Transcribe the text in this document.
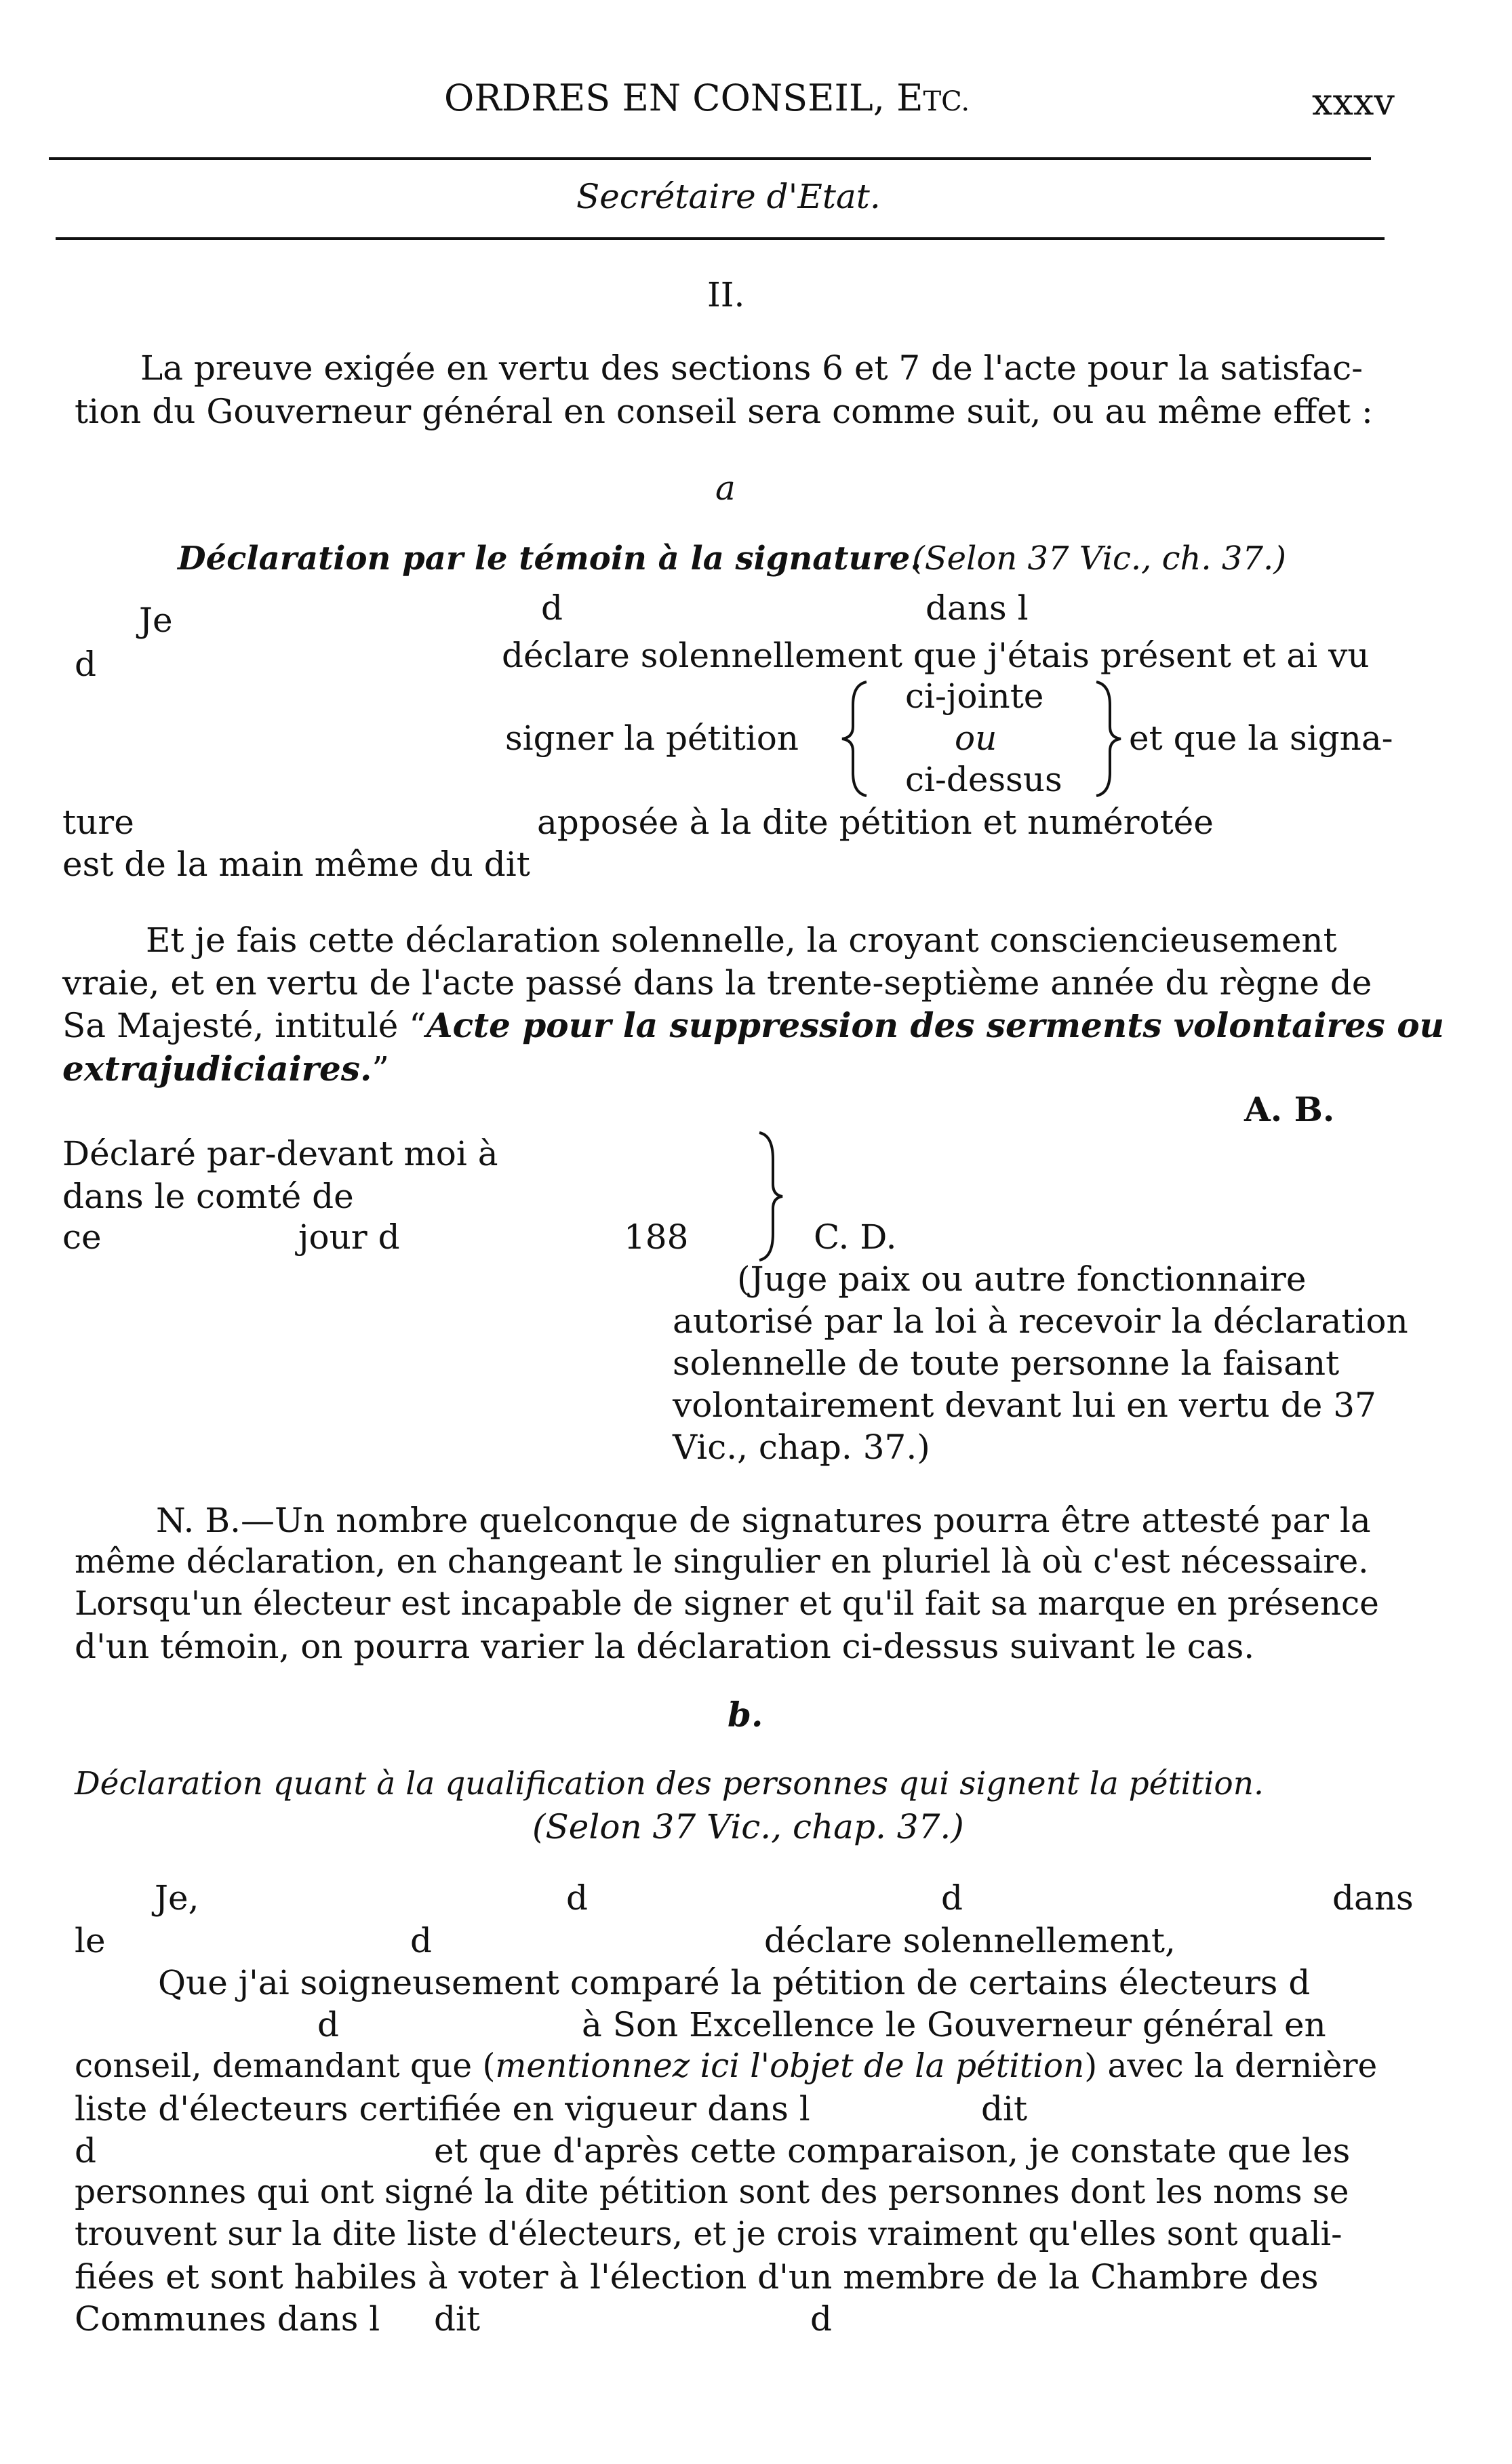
ORDRES EN CONSEIL, ETC.	xxxv
Secrétaire d'Etat.
II.
La preuve exigée en vertu des sections 6 et 7 de l'acte pour la satisfac-
tion du Gouverneur général en conseil sera comme suit, ou au même effet :
a
Déclaration par le témoin à la signature.
(Selon 37 Vic., ch. 37.)
Je	d	dans l
d	déclare solennellement que j'étais présent et ai vu
ci-jointe
signer la pétition	ou	et que la signa-
ci-dessus
ture	apposée à la dite pétition et numérotée
est de la main même du dit
Et je fais cette déclaration solennelle, la croyant consciencieusement
vraie, et en vertu de l'acte passé dans la trente-septième année du règne de
Sa Majesté, intitulé “Acte pour la suppression des serments volontaires ou
extrajudiciaires.”
A. B.
Déclaré par-devant moi à
dans le comté de
ce	jour d	188	C. D.
(Juge paix ou autre fonctionnaire
autorisé par la loi à recevoir la déclaration
solennelle de toute personne la faisant
volontairement devant lui en vertu de 37
Vic., chap. 37.)
N. B.—Un nombre quelconque de signatures pourra être attesté par la
même déclaration, en changeant le singulier en pluriel là où c'est nécessaire.
Lorsqu'un électeur est incapable de signer et qu'il fait sa marque en présence
d'un témoin, on pourra varier la déclaration ci-dessus suivant le cas.
b.
Déclaration quant à la qualification des personnes qui signent la pétition.
(Selon 37 Vic., chap. 37.)
Je,	d	d	dans
le	d	déclare solennellement,
Que j'ai soigneusement comparé la pétition de certains électeurs d
d	à Son Excellence le Gouverneur général en
conseil, demandant que (mentionnez ici l'objet de la pétition) avec la dernière
liste d'électeurs certifiée en vigueur dans l	dit
d	et que d'après cette comparaison, je constate que les
personnes qui ont signé la dite pétition sont des personnes dont les noms se
trouvent sur la dite liste d'électeurs, et je crois vraiment qu'elles sont quali-
fiées et sont habiles à voter à l'élection d'un membre de la Chambre des
Communes dans l dit	d
